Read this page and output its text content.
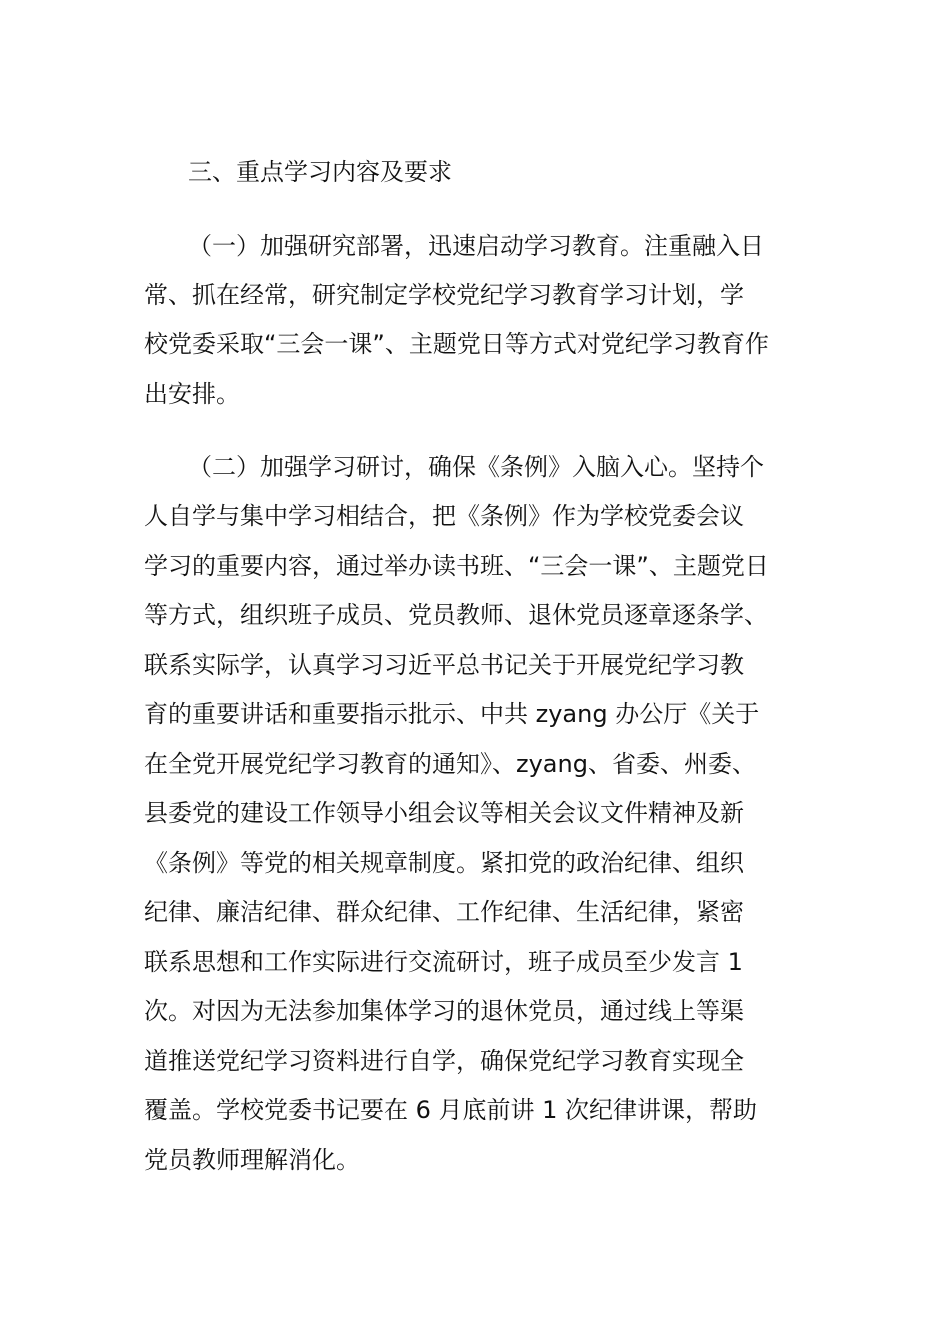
三、重点学习内容及要求
（一）加强研究部署，迅速启动学习教育。注重融入日
常、抓在经常，研究制定学校党纪学习教育学习计划，学
校党委采取“三会一课”、主题党日等方式对党纪学习教育作
出安排。
（二）加强学习研讨，确保《条例》入脑入心。坚持个
人自学与集中学习相结合，把《条例》作为学校党委会议
学习的重要内容，通过举办读书班、“三会一课”、主题党日
等方式，组织班子成员、党员教师、退休党员逐章逐条学、
联系实际学，认真学习习近平总书记关于开展党纪学习教
育的重要讲话和重要指示批示、中共 zyang 办公厅《关于
在全党开展党纪学习教育的通知》、zyang、省委、州委、
县委党的建设工作领导小组会议等相关会议文件精神及新
《条例》等党的相关规章制度。紧扣党的政治纪律、组织
纪律、廉洁纪律、群众纪律、工作纪律、生活纪律，紧密
联系思想和工作实际进行交流研讨，班子成员至少发言 1
次。对因为无法参加集体学习的退休党员，通过线上等渠
道推送党纪学习资料进行自学，确保党纪学习教育实现全
覆盖。学校党委书记要在 6 月底前讲 1 次纪律讲课，帮助
党员教师理解消化。
